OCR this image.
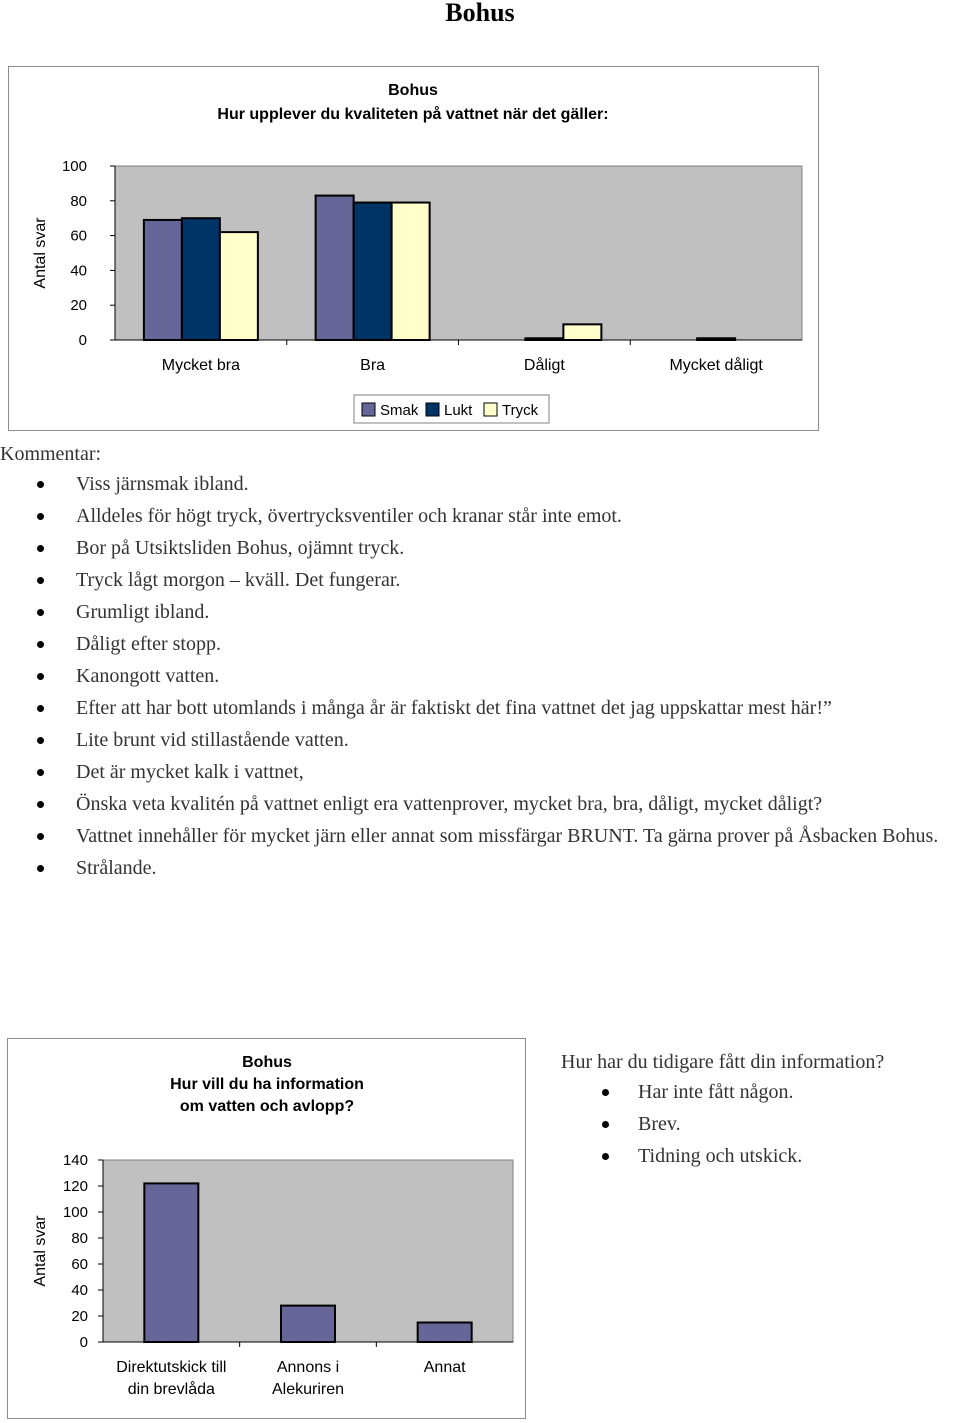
Bohus
Bohus
Hur upplever du kvaliteten på vattnet när det gäller:
Antal svar
0
20
40
60
80
100
Mycket bra	Bra	Dåligt	Mycket dåligt
Smak Lukt Tryck

Kommentar:

Viss järnsmak ibland.
Alldeles för högt tryck, övertrycksventiler och kranar står inte emot.
Bor på Utsiktsliden Bohus, ojämnt tryck.
Tryck lågt morgon – kväll. Det fungerar.
Grumligt ibland.
Dåligt efter stopp.
Kanongott vatten.
Efter att har bott utomlands i många år är faktiskt det fina vattnet det jag uppskattar mest här!”
Lite brunt vid stillastående vatten.
Det är mycket kalk i vattnet,
Önska veta kvalitén på vattnet enligt era vattenprover, mycket bra, bra, dåligt, mycket dåligt?
Vattnet innehåller för mycket järn eller annat som missfärgar BRUNT. Ta gärna prover på Åsbacken Bohus.
Strålande.
Bohus
Hur vill du ha information
om vatten och avlopp?
Antal svar
0
20
40
60
80
100
120
140
Direktutskick till
din brevlåda
Annons i
Alekuriren
Annat

Hur har du tidigare fått din information?

Har inte fått någon.
Brev.
Tidning och utskick.
